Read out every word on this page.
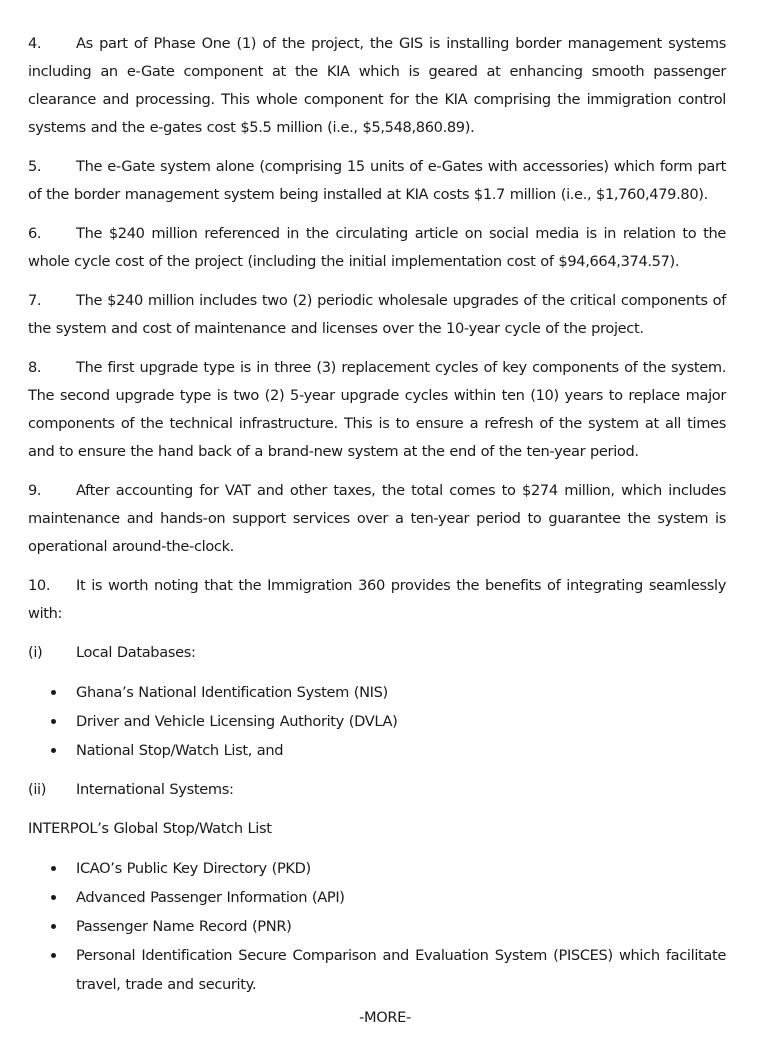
4. As part of Phase One (1) of the project, the GIS is installing border management systems including an e-Gate component at the KIA which is geared at enhancing smooth passenger clearance and processing. This whole component for the KIA comprising the immigration control systems and the e-gates cost $5.5 million (i.e., $5,548,860.89).

5. The e-Gate system alone (comprising 15 units of e-Gates with accessories) which form part of the border management system being installed at KIA costs $1.7 million (i.e., $1,760,479.80).

6. The $240 million referenced in the circulating article on social media is in relation to the whole cycle cost of the project (including the initial implementation cost of $94,664,374.57).

7. The $240 million includes two (2) periodic wholesale upgrades of the critical components of the system and cost of maintenance and licenses over the 10-year cycle of the project.

8. The first upgrade type is in three (3) replacement cycles of key components of the system. The second upgrade type is two (2) 5-year upgrade cycles within ten (10) years to replace major components of the technical infrastructure. This is to ensure a refresh of the system at all times and to ensure the hand back of a brand-new system at the end of the ten-year period.

9. After accounting for VAT and other taxes, the total comes to $274 million, which includes maintenance and hands-on support services over a ten-year period to guarantee the system is operational around-the-clock.

10. It is worth noting that the Immigration 360 provides the benefits of integrating seamlessly with:

(i)	Local Databases:
Ghana’s National Identification System (NIS)
Driver and Vehicle Licensing Authority (DVLA)
National Stop/Watch List, and
(ii)	International Systems:

INTERPOL’s Global Stop/Watch List

ICAO’s Public Key Directory (PKD)
Advanced Passenger Information (API)
Passenger Name Record (PNR)
Personal Identification Secure Comparison and Evaluation System (PISCES) which facilitate travel, trade and security.
-MORE-
